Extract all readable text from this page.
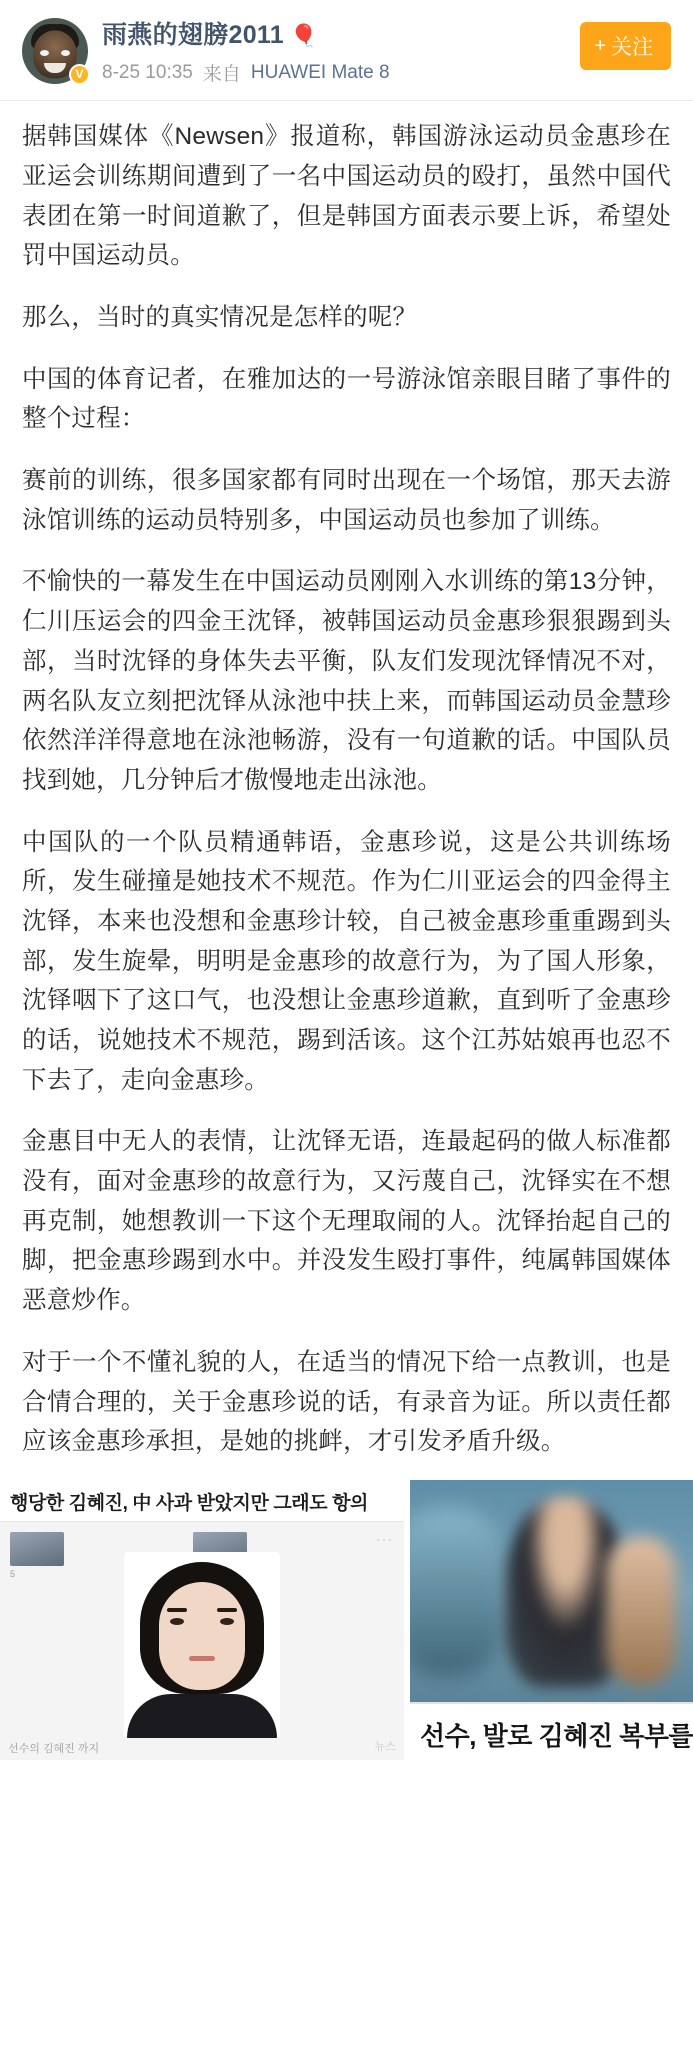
V
雨燕的翅膀2011 🎈
8-25 10:35 来自 HUAWEI Mate 8
+ 关注

据韩国媒体《Newsen》报道称，韩国游泳运动员金惠珍在亚运会训练期间遭到了一名中国运动员的殴打，虽然中国代表团在第一时间道歉了，但是韩国方面表示要上诉，希望处罚中国运动员。

那么，当时的真实情况是怎样的呢？

中国的体育记者，在雅加达的一号游泳馆亲眼目睹了事件的整个过程：

赛前的训练，很多国家都有同时出现在一个场馆，那天去游泳馆训练的运动员特别多，中国运动员也参加了训练。

不愉快的一幕发生在中国运动员刚刚入水训练的第13分钟，仁川压运会的四金王沈铎，被韩国运动员金惠珍狠狠踢到头部，当时沈铎的身体失去平衡，队友们发现沈铎情况不对，两名队友立刻把沈铎从泳池中扶上来，而韩国运动员金慧珍依然洋洋得意地在泳池畅游，没有一句道歉的话。中国队员找到她，几分钟后才傲慢地走出泳池。

中国队的一个队员精通韩语，金惠珍说，这是公共训练场所，发生碰撞是她技术不规范。作为仁川亚运会的四金得主沈铎，本来也没想和金惠珍计较，自己被金惠珍重重踢到头部，发生旋晕，明明是金惠珍的故意行为，为了国人形象，沈铎咽下了这口气，也没想让金惠珍道歉，直到听了金惠珍的话，说她技术不规范，踢到活该。这个江苏姑娘再也忍不下去了，走向金惠珍。

金惠目中无人的表情，让沈铎无语，连最起码的做人标准都没有，面对金惠珍的故意行为，又污蔑自己，沈铎实在不想再克制，她想教训一下这个无理取闹的人。沈铎抬起自己的脚，把金惠珍踢到水中。并没发生殴打事件，纯属韩国媒体恶意炒作。

对于一个不懂礼貌的人，在适当的情况下给一点教训，也是合情合理的，关于金惠珍说的话，有录音为证。所以责任都应该金惠珍承担，是她的挑衅，才引发矛盾升级。

행당한 김혜진, 中 사과 받았지만 그래도 항의
5
···
선수의 김혜진 까지	뉴스 선수, 발로 김혜진 복부를
